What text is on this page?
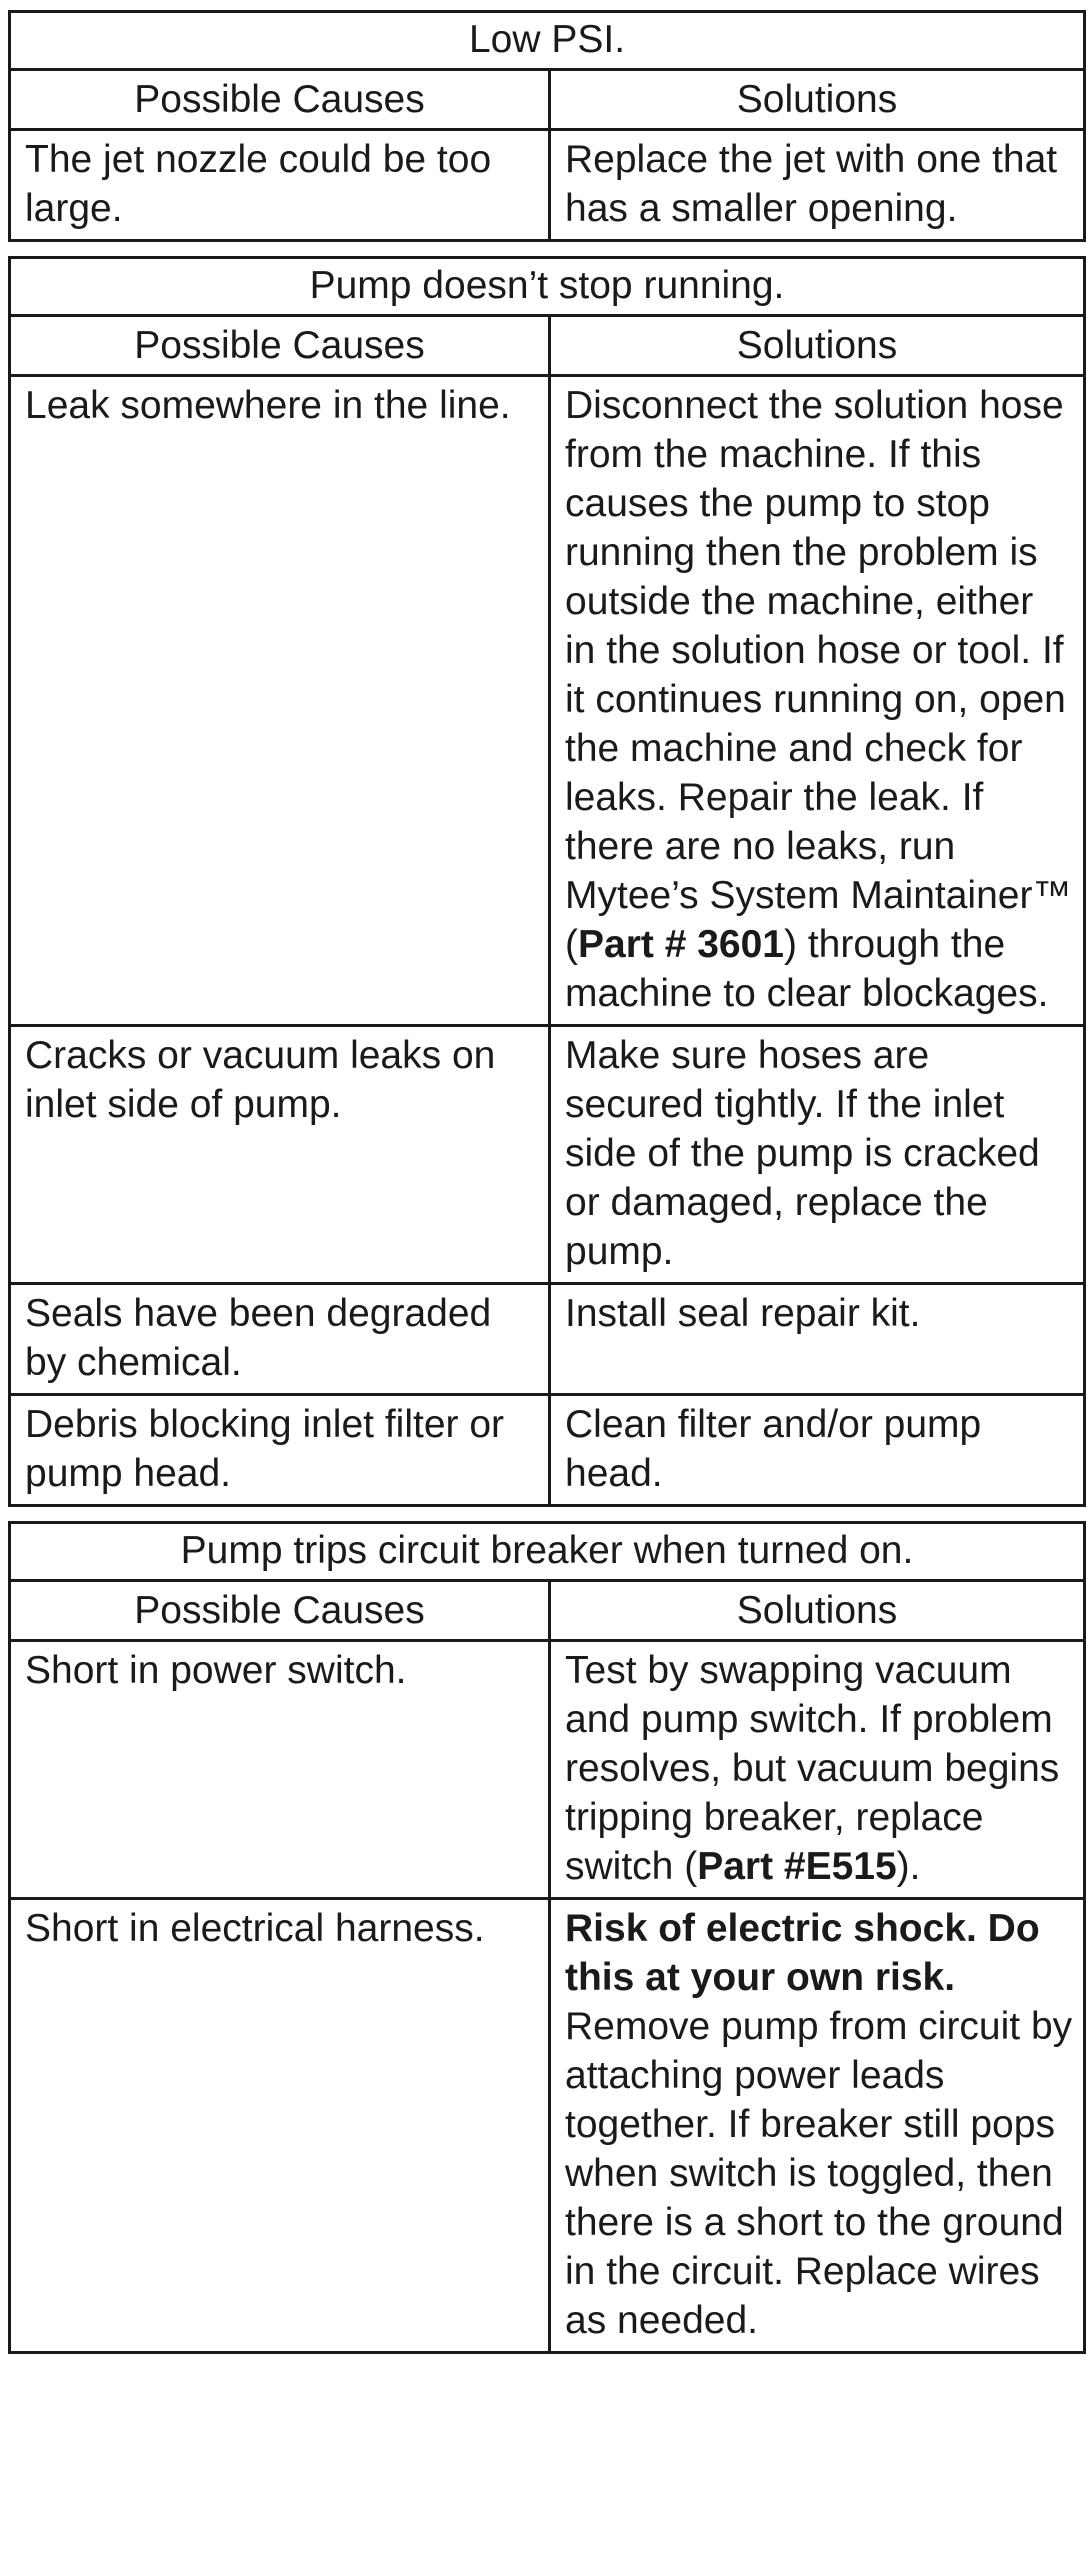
Low PSI.	
Possible Causes	Solutions
The jet nozzle could be too large.	Replace the jet with one that has a smaller opening.
Pump doesn’t stop running.	
Possible Causes	Solutions
Leak somewhere in the line.	Disconnect the solution hose from the machine. If this causes the pump to stop running then the problem is outside the machine, either in the solution hose or tool. If it continues running on, open the machine and check for leaks. Repair the leak. If there are no leaks, run Mytee’s System Maintainer™ (Part # 3601) through the machine to clear blockages.
Cracks or vacuum leaks on inlet side of pump.	Make sure hoses are secured tightly. If the inlet side of the pump is cracked or damaged, replace the pump.
Seals have been degraded by chemical.	Install seal repair kit.
Debris blocking inlet filter or pump head.	Clean filter and/or pump head.
Pump trips circuit breaker when turned on.	
Possible Causes	Solutions
Short in power switch.	Test by swapping vacuum and pump switch. If problem resolves, but vacuum begins tripping breaker, replace switch (Part #E515).
Short in electrical harness.	Risk of electric shock. Do this at your own risk. Remove pump from circuit by attaching power leads together. If breaker still pops when switch is toggled, then there is a short to the ground in the circuit. Replace wires as needed.
